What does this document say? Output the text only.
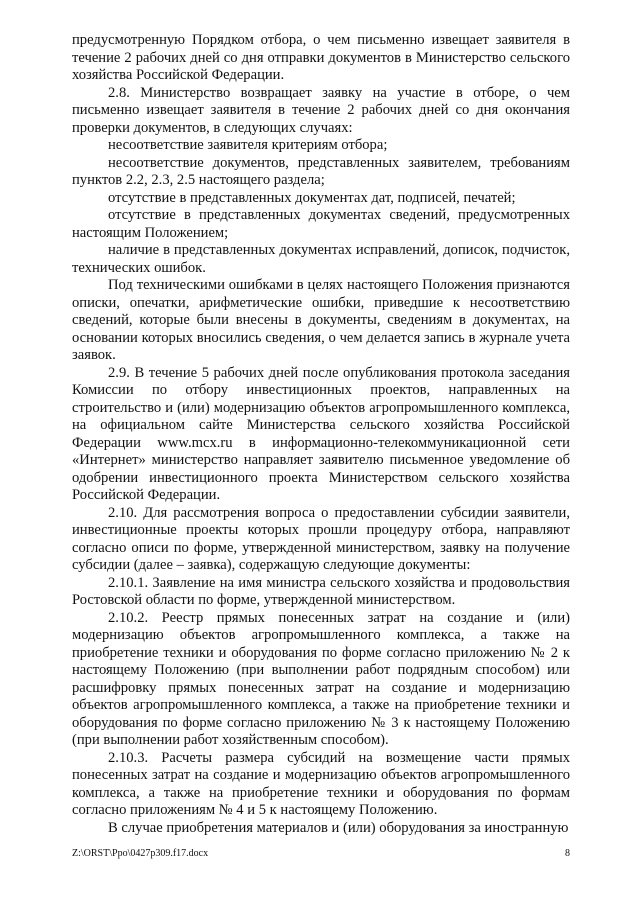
предусмотренную Порядком отбора, о чем письменно извещает заявителя в течение 2 рабочих дней со дня отправки документов в Министерство сельского хозяйства Российской Федерации.

2.8. Министерство возвращает заявку на участие в отборе, о чем письменно извещает заявителя в течение 2 рабочих дней со дня окончания проверки документов, в следующих случаях:

несоответствие заявителя критериям отбора;

несоответствие документов, представленных заявителем, требованиям пунктов 2.2, 2.3, 2.5 настоящего раздела;

отсутствие в представленных документах дат, подписей, печатей;

отсутствие в представленных документах сведений, предусмотренных настоящим Положением;

наличие в представленных документах исправлений, дописок, подчисток, технических ошибок.

Под техническими ошибками в целях настоящего Положения признаются описки, опечатки, арифметические ошибки, приведшие к несоответствию сведений, которые были внесены в документы, сведениям в документах, на основании которых вносились сведения, о чем делается запись в журнале учета заявок.

2.9. В течение 5 рабочих дней после опубликования протокола заседания Комиссии по отбору инвестиционных проектов, направленных на строительство и (или) модернизацию объектов агропромышленного комплекса, на официальном сайте Министерства сельского хозяйства Российской Федерации www.mcx.ru в информационно-телекоммуникационной сети «Интернет» министерство направляет заявителю письменное уведомление об одобрении инвестиционного проекта Министерством сельского хозяйства Российской Федерации.

2.10. Для рассмотрения вопроса о предоставлении субсидии заявители, инвестиционные проекты которых прошли процедуру отбора, направляют согласно описи по форме, утвержденной министерством, заявку на получение субсидии (далее – заявка), содержащую следующие документы:

2.10.1. Заявление на имя министра сельского хозяйства и продовольствия Ростовской области по форме, утвержденной министерством.

2.10.2. Реестр прямых понесенных затрат на создание и (или) модернизацию объектов агропромышленного комплекса, а также на приобретение техники и оборудования по форме согласно приложению № 2 к настоящему Положению (при выполнении работ подрядным способом) или расшифровку прямых понесенных затрат на создание и модернизацию объектов агропромышленного комплекса, а также на приобретение техники и оборудования по форме согласно приложению № 3 к настоящему Положению (при выполнении работ хозяйственным способом).

2.10.3. Расчеты размера субсидий на возмещение части прямых понесенных затрат на создание и модернизацию объектов агропромышленного комплекса, а также на приобретение техники и оборудования по формам согласно приложениям № 4 и 5 к настоящему Положению.

В случае приобретения материалов и (или) оборудования за иностранную

Z:\ORST\Ppo\0427p309.f17.docx	8
